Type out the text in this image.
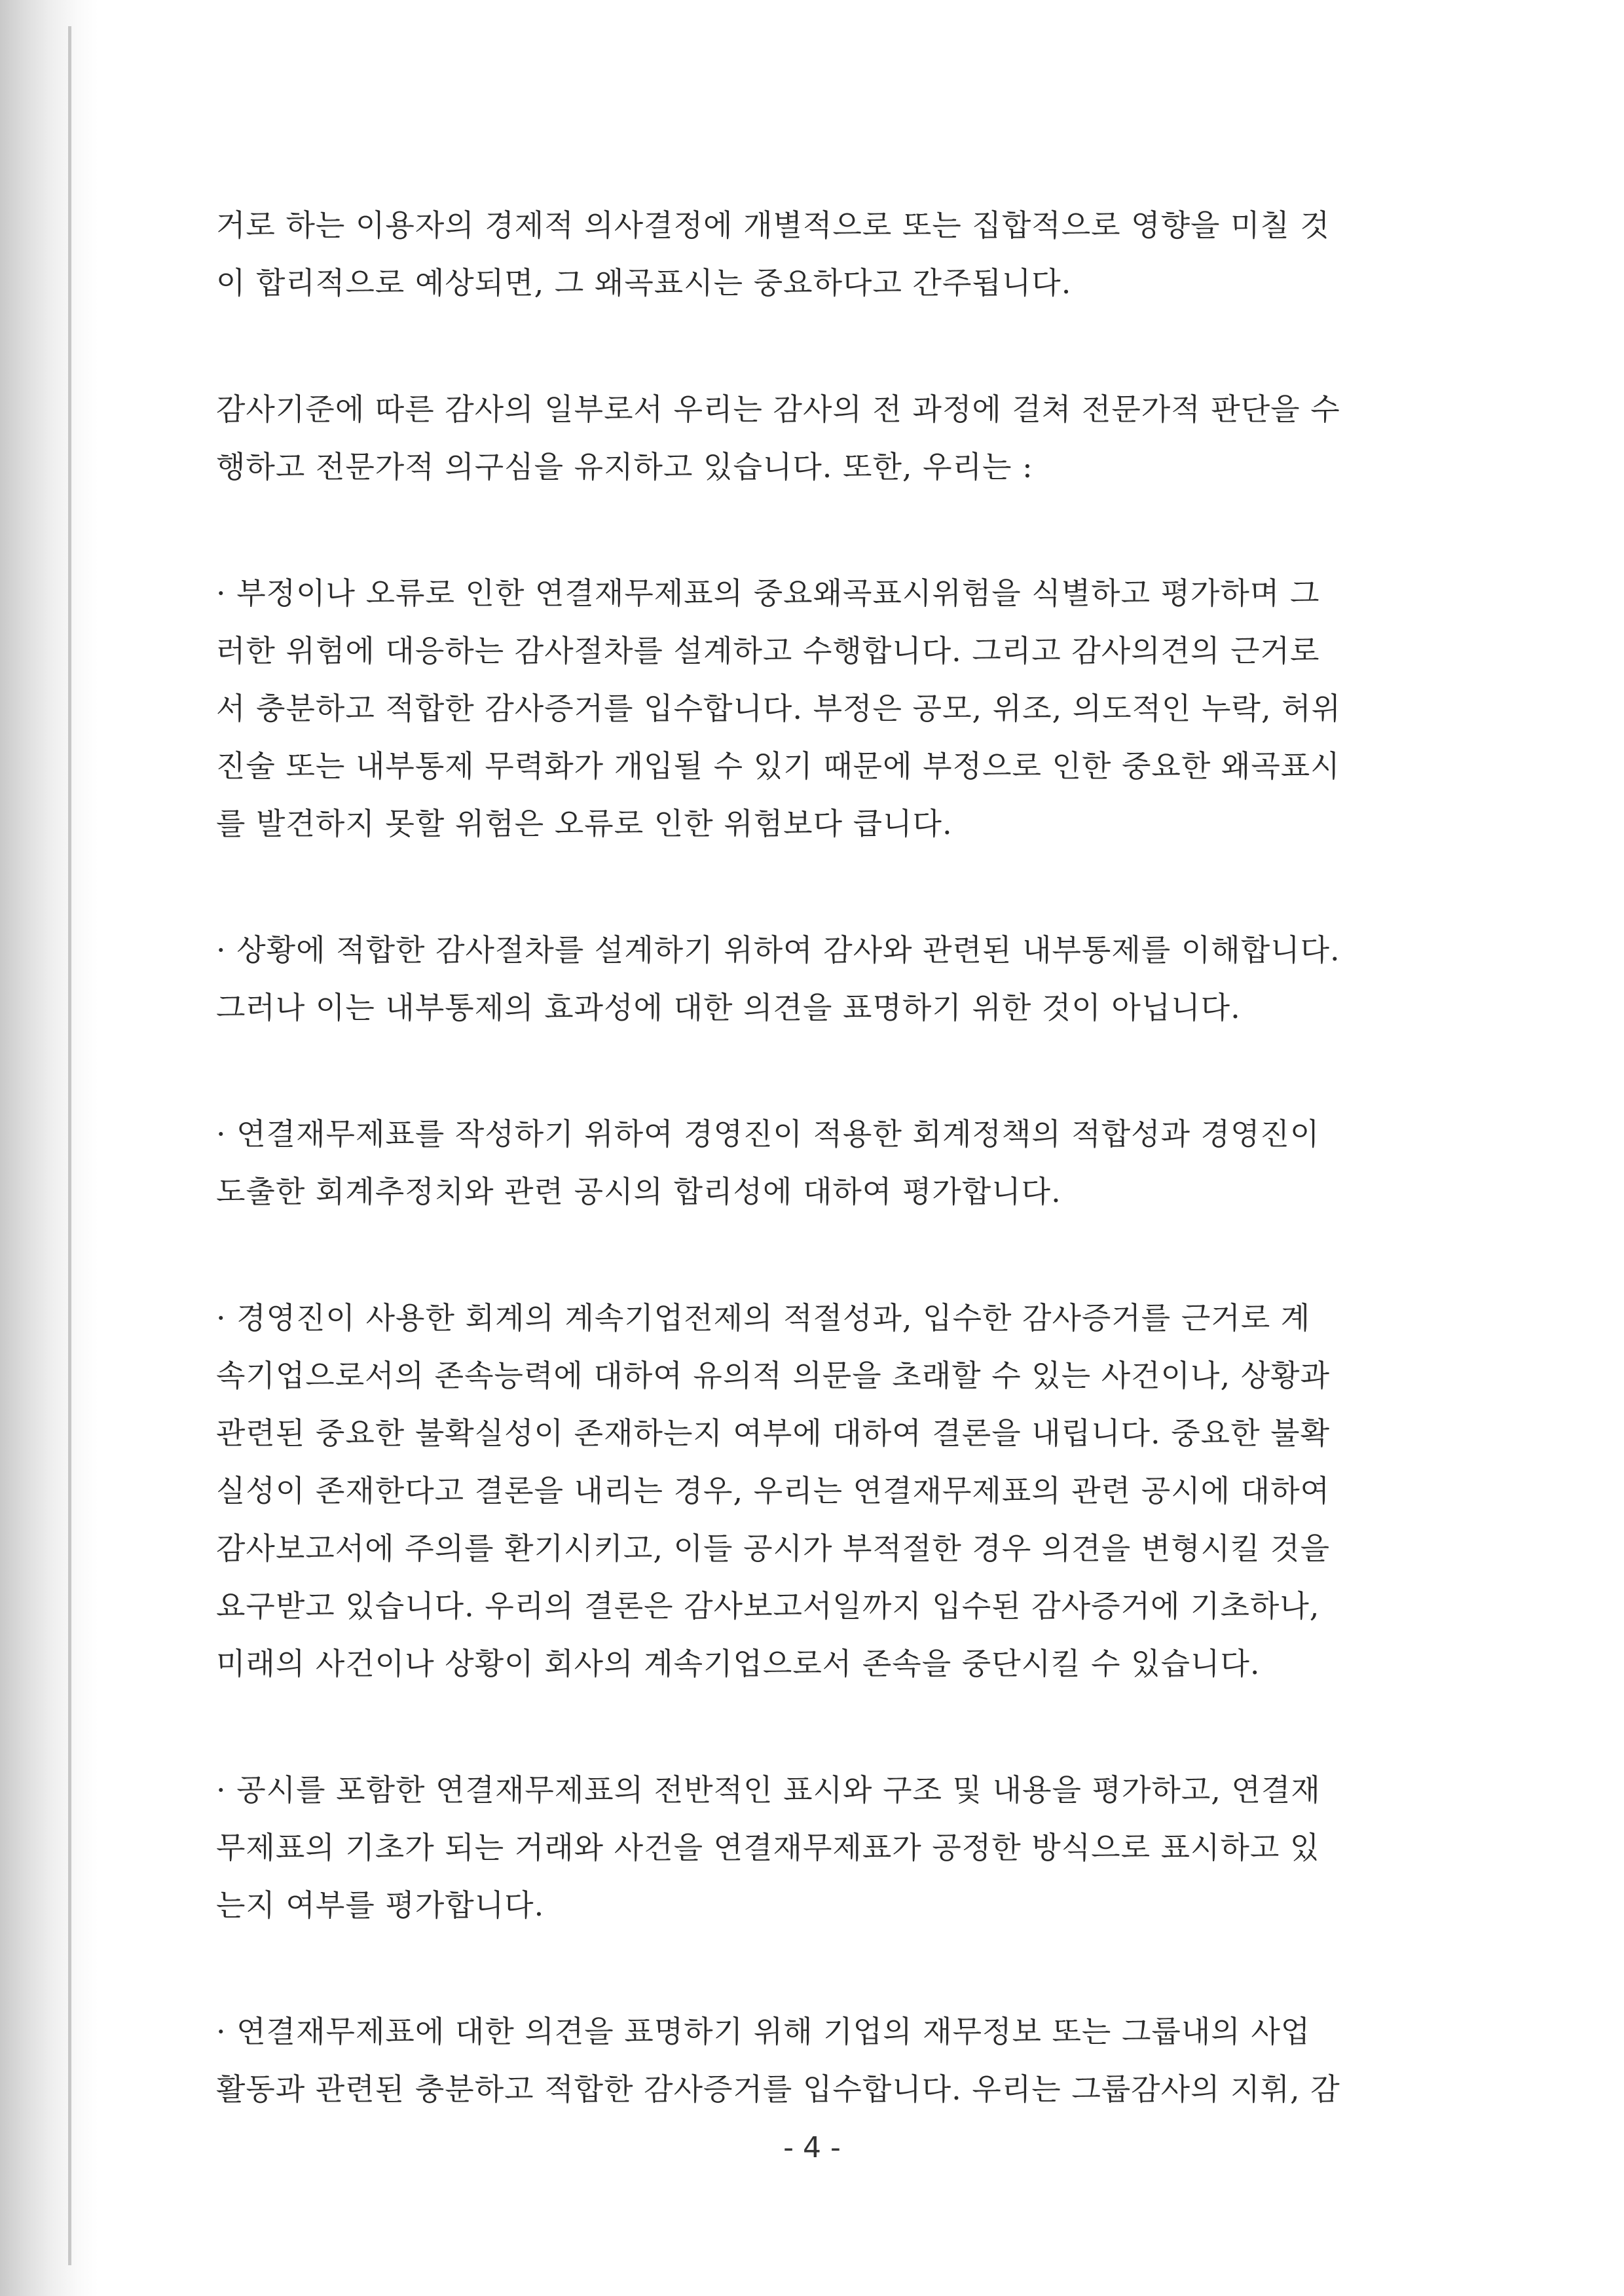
거로 하는 이용자의 경제적 의사결정에 개별적으로 또는 집합적으로 영향을 미칠 것
이 합리적으로 예상되면, 그 왜곡표시는 중요하다고 간주됩니다.

감사기준에 따른 감사의 일부로서 우리는 감사의 전 과정에 걸쳐 전문가적 판단을 수
행하고 전문가적 의구심을 유지하고 있습니다. 또한, 우리는 :

· 부정이나 오류로 인한 연결재무제표의 중요왜곡표시위험을 식별하고 평가하며 그
러한 위험에 대응하는 감사절차를 설계하고 수행합니다. 그리고 감사의견의 근거로
서 충분하고 적합한 감사증거를 입수합니다. 부정은 공모, 위조, 의도적인 누락, 허위
진술 또는 내부통제 무력화가 개입될 수 있기 때문에 부정으로 인한 중요한 왜곡표시
를 발견하지 못할 위험은 오류로 인한 위험보다 큽니다.

· 상황에 적합한 감사절차를 설계하기 위하여 감사와 관련된 내부통제를 이해합니다.
그러나 이는 내부통제의 효과성에 대한 의견을 표명하기 위한 것이 아닙니다.

· 연결재무제표를 작성하기 위하여 경영진이 적용한 회계정책의 적합성과 경영진이
도출한 회계추정치와 관련 공시의 합리성에 대하여 평가합니다.

· 경영진이 사용한 회계의 계속기업전제의 적절성과, 입수한 감사증거를 근거로 계
속기업으로서의 존속능력에 대하여 유의적 의문을 초래할 수 있는 사건이나, 상황과
관련된 중요한 불확실성이 존재하는지 여부에 대하여 결론을 내립니다. 중요한 불확
실성이 존재한다고 결론을 내리는 경우, 우리는 연결재무제표의 관련 공시에 대하여
감사보고서에 주의를 환기시키고, 이들 공시가 부적절한 경우 의견을 변형시킬 것을
요구받고 있습니다. 우리의 결론은 감사보고서일까지 입수된 감사증거에 기초하나,
미래의 사건이나 상황이 회사의 계속기업으로서 존속을 중단시킬 수 있습니다.

· 공시를 포함한 연결재무제표의 전반적인 표시와 구조 및 내용을 평가하고, 연결재
무제표의 기초가 되는 거래와 사건을 연결재무제표가 공정한 방식으로 표시하고 있
는지 여부를 평가합니다.

· 연결재무제표에 대한 의견을 표명하기 위해 기업의 재무정보 또는 그룹내의 사업
활동과 관련된 충분하고 적합한 감사증거를 입수합니다. 우리는 그룹감사의 지휘, 감

- 4 -
